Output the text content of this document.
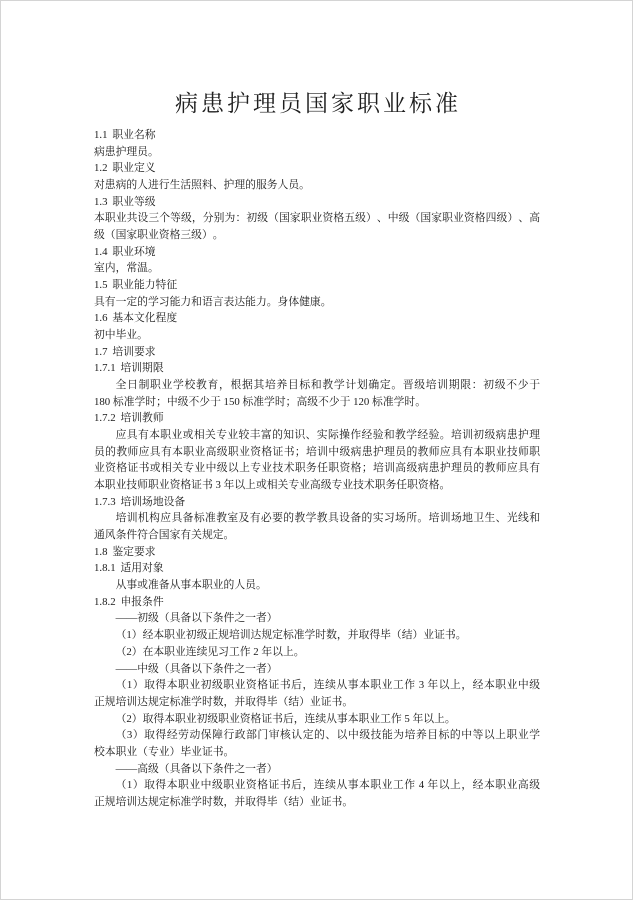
病患护理员国家职业标准
1.1 职业名称
病患护理员。
1.2 职业定义
对患病的人进行生活照料、护理的服务人员。
1.3 职业等级
本职业共设三个等级，分别为：初级（国家职业资格五级）、中级（国家职业资格四级）、高
级（国家职业资格三级）。
1.4 职业环境
室内，常温。
1.5 职业能力特征
具有一定的学习能力和语言表达能力。身体健康。
1.6 基本文化程度
初中毕业。
1.7 培训要求
1.7.1 培训期限
全日制职业学校教育，根据其培养目标和教学计划确定。晋级培训期限：初级不少于
180 标准学时；中级不少于 150 标准学时；高级不少于 120 标准学时。
1.7.2 培训教师
应具有本职业或相关专业较丰富的知识、实际操作经验和教学经验。培训初级病患护理
员的教师应具有本职业高级职业资格证书；培训中级病患护理员的教师应具有本职业技师职
业资格证书或相关专业中级以上专业技术职务任职资格；培训高级病患护理员的教师应具有
本职业技师职业资格证书 3 年以上或相关专业高级专业技术职务任职资格。
1.7.3 培训场地设备
培训机构应具备标准教室及有必要的教学教具设备的实习场所。培训场地卫生、光线和
通风条件符合国家有关规定。
1.8 鉴定要求
1.8.1 适用对象
从事或准备从事本职业的人员。
1.8.2 申报条件
——初级（具备以下条件之一者）
（1）经本职业初级正规培训达规定标准学时数，并取得毕（结）业证书。
（2）在本职业连续见习工作 2 年以上。
——中级（具备以下条件之一者）
（1）取得本职业初级职业资格证书后，连续从事本职业工作 3 年以上，经本职业中级
正规培训达规定标准学时数，并取得毕（结）业证书。
（2）取得本职业初级职业资格证书后，连续从事本职业工作 5 年以上。
（3）取得经劳动保障行政部门审核认定的、以中级技能为培养目标的中等以上职业学
校本职业（专业）毕业证书。
——高级（具备以下条件之一者）
（1）取得本职业中级职业资格证书后，连续从事本职业工作 4 年以上，经本职业高级
正规培训达规定标准学时数，并取得毕（结）业证书。
